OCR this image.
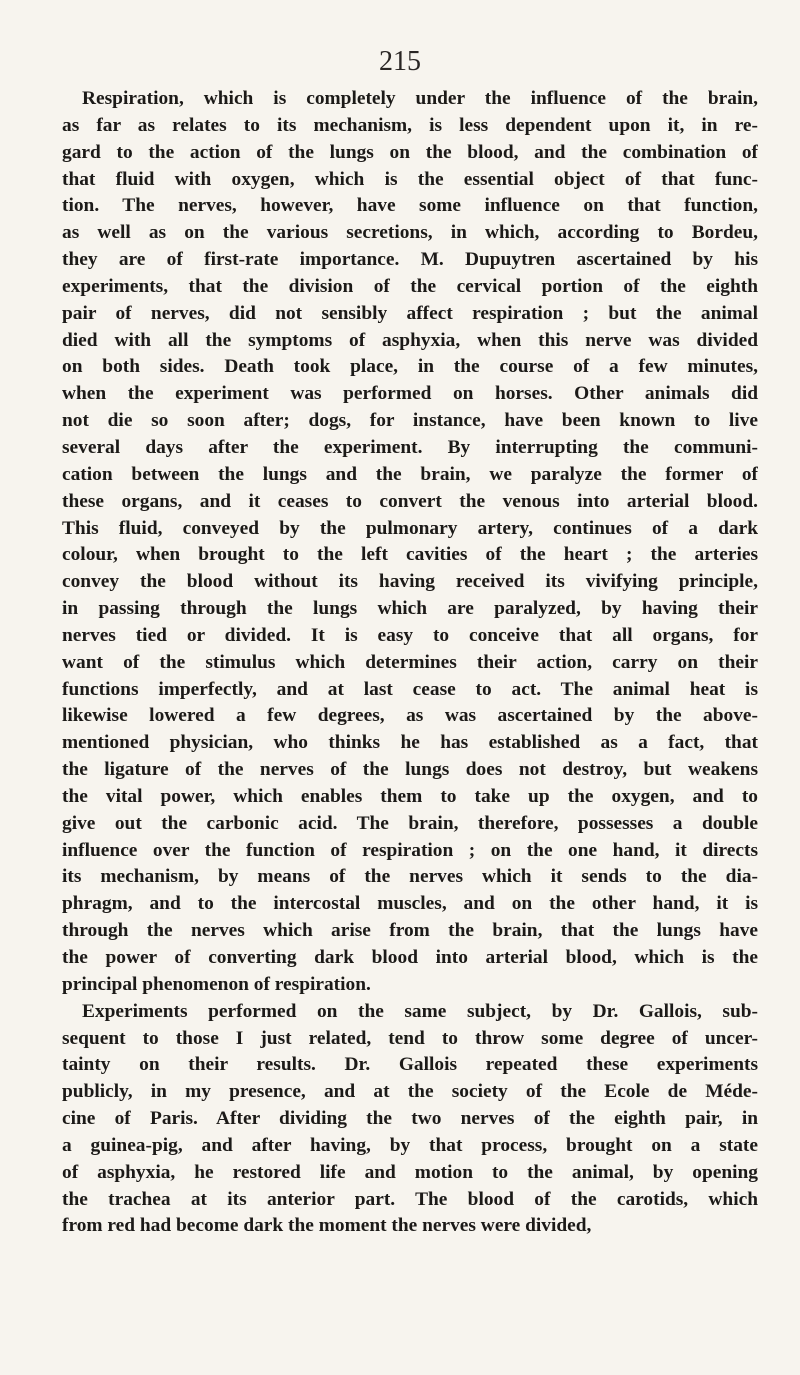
215

Respiration, which is completely under the influence of the brain,
as far as relates to its mechanism, is less dependent upon it, in re-
gard to the action of the lungs on the blood, and the combination of
that fluid with oxygen, which is the essential object of that func-
tion. The nerves, however, have some influence on that function,
as well as on the various secretions, in which, according to Bordeu,
they are of first-rate importance. M. Dupuytren ascertained by his
experiments, that the division of the cervical portion of the eighth
pair of nerves, did not sensibly affect respiration ; but the animal
died with all the symptoms of asphyxia, when this nerve was divided
on both sides. Death took place, in the course of a few minutes,
when the experiment was performed on horses. Other animals did
not die so soon after; dogs, for instance, have been known to live
several days after the experiment. By interrupting the communi-
cation between the lungs and the brain, we paralyze the former of
these organs, and it ceases to convert the venous into arterial blood.
This fluid, conveyed by the pulmonary artery, continues of a dark
colour, when brought to the left cavities of the heart ; the arteries
convey the blood without its having received its vivifying principle,
in passing through the lungs which are paralyzed, by having their
nerves tied or divided. It is easy to conceive that all organs, for
want of the stimulus which determines their action, carry on their
functions imperfectly, and at last cease to act. The animal heat is
likewise lowered a few degrees, as was ascertained by the above-
mentioned physician, who thinks he has established as a fact, that
the ligature of the nerves of the lungs does not destroy, but weakens
the vital power, which enables them to take up the oxygen, and to
give out the carbonic acid. The brain, therefore, possesses a double
influence over the function of respiration ; on the one hand, it directs
its mechanism, by means of the nerves which it sends to the dia-
phragm, and to the intercostal muscles, and on the other hand, it is
through the nerves which arise from the brain, that the lungs have
the power of converting dark blood into arterial blood, which is the
principal phenomenon of respiration.

Experiments performed on the same subject, by Dr. Gallois, sub-
sequent to those I just related, tend to throw some degree of uncer-
tainty on their results. Dr. Gallois repeated these experiments
publicly, in my presence, and at the society of the Ecole de Méde-
cine of Paris. After dividing the two nerves of the eighth pair, in
a guinea-pig, and after having, by that process, brought on a state
of asphyxia, he restored life and motion to the animal, by opening
the trachea at its anterior part. The blood of the carotids, which
from red had become dark the moment the nerves were divided,
